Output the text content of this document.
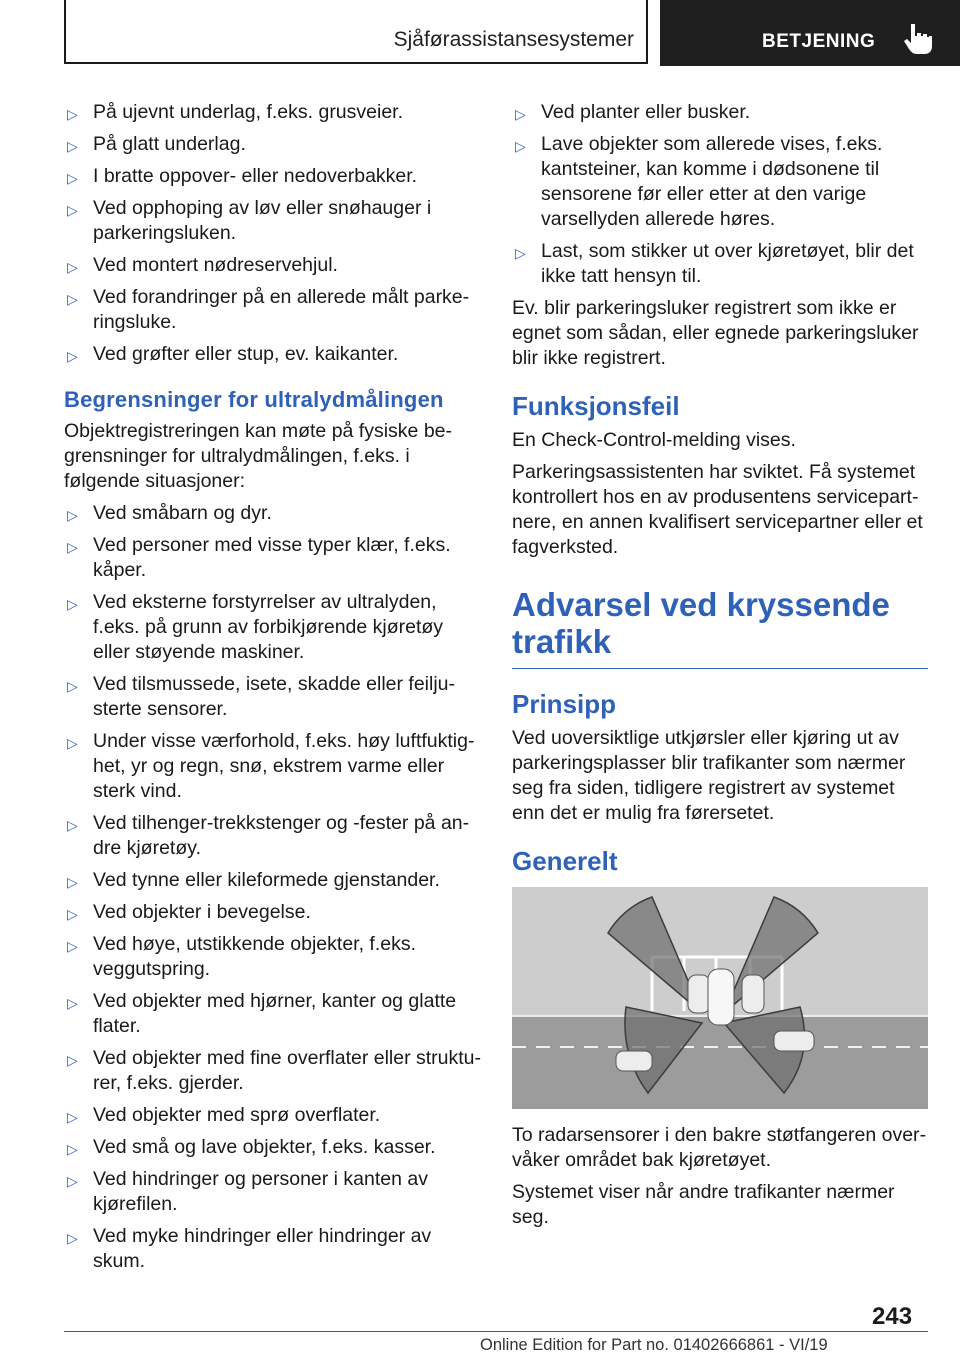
Sjåførassistansesystemer	BETJENING
▷ På ujevnt underlag, f.eks. grusveier.
▷ På glatt underlag.
▷ I bratte oppover- eller nedoverbakker.
▷ Ved opphoping av løv eller snøhauger i parkeringsluken.
▷ Ved montert nødreservehjul.
▷ Ved forandringer på en allerede målt parkeringsluke.
▷ Ved grøfter eller stup, ev. kaikanter.
Begrensninger for ultralydmålingen

Objektregistreringen kan møte på fysiske begrensninger for ultralydmålingen, f.eks. i følgende situasjoner:

▷ Ved småbarn og dyr.
▷ Ved personer med visse typer klær, f.eks. kåper.
▷ Ved eksterne forstyrrelser av ultralyden, f.eks. på grunn av forbikjørende kjøretøy eller støyende maskiner.
▷ Ved tilsmussede, isete, skadde eller feiljusterte sensorer.
▷ Under visse værforhold, f.eks. høy luftfuktighet, yr og regn, snø, ekstrem varme eller sterk vind.
▷ Ved tilhenger-trekkstenger og -fester på andre kjøretøy.
▷ Ved tynne eller kileformede gjenstander.
▷ Ved objekter i bevegelse.
▷ Ved høye, utstikkende objekter, f.eks. veggutspring.
▷ Ved objekter med hjørner, kanter og glatte flater.
▷ Ved objekter med fine overflater eller strukturer, f.eks. gjerder.
▷ Ved objekter med sprø overflater.
▷ Ved små og lave objekter, f.eks. kasser.
▷ Ved hindringer og personer i kanten av kjørefilen.
▷ Ved myke hindringer eller hindringer av skum.
▷ Ved planter eller busker.
▷ Lave objekter som allerede vises, f.eks. kantsteiner, kan komme i dødsonene til sensorene før eller etter at den varige varsellyden allerede høres.
▷ Last, som stikker ut over kjøretøyet, blir det ikke tatt hensyn til.

Ev. blir parkeringsluker registrert som ikke er egnet som sådan, eller egnede parkeringsluker blir ikke registrert.

Funksjonsfeil

En Check-Control-melding vises.

Parkeringsassistenten har sviktet. Få systemet kontrollert hos en av produsentens servicepartnere, en annen kvalifisert servicepartner eller et fagverksted.

Advarsel ved kryssende trafikk
Prinsipp

Ved uoversiktlige utkjørsler eller kjøring ut av parkeringsplasser blir trafikanter som nærmer seg fra siden, tidligere registrert av systemet enn det er mulig fra førersetet.

Generelt

To radarsensorer i den bakre støtfangeren overvåker området bak kjøretøyet.

Systemet viser når andre trafikanter nærmer seg.

243
Online Edition for Part no. 01402666861 - VI/19
